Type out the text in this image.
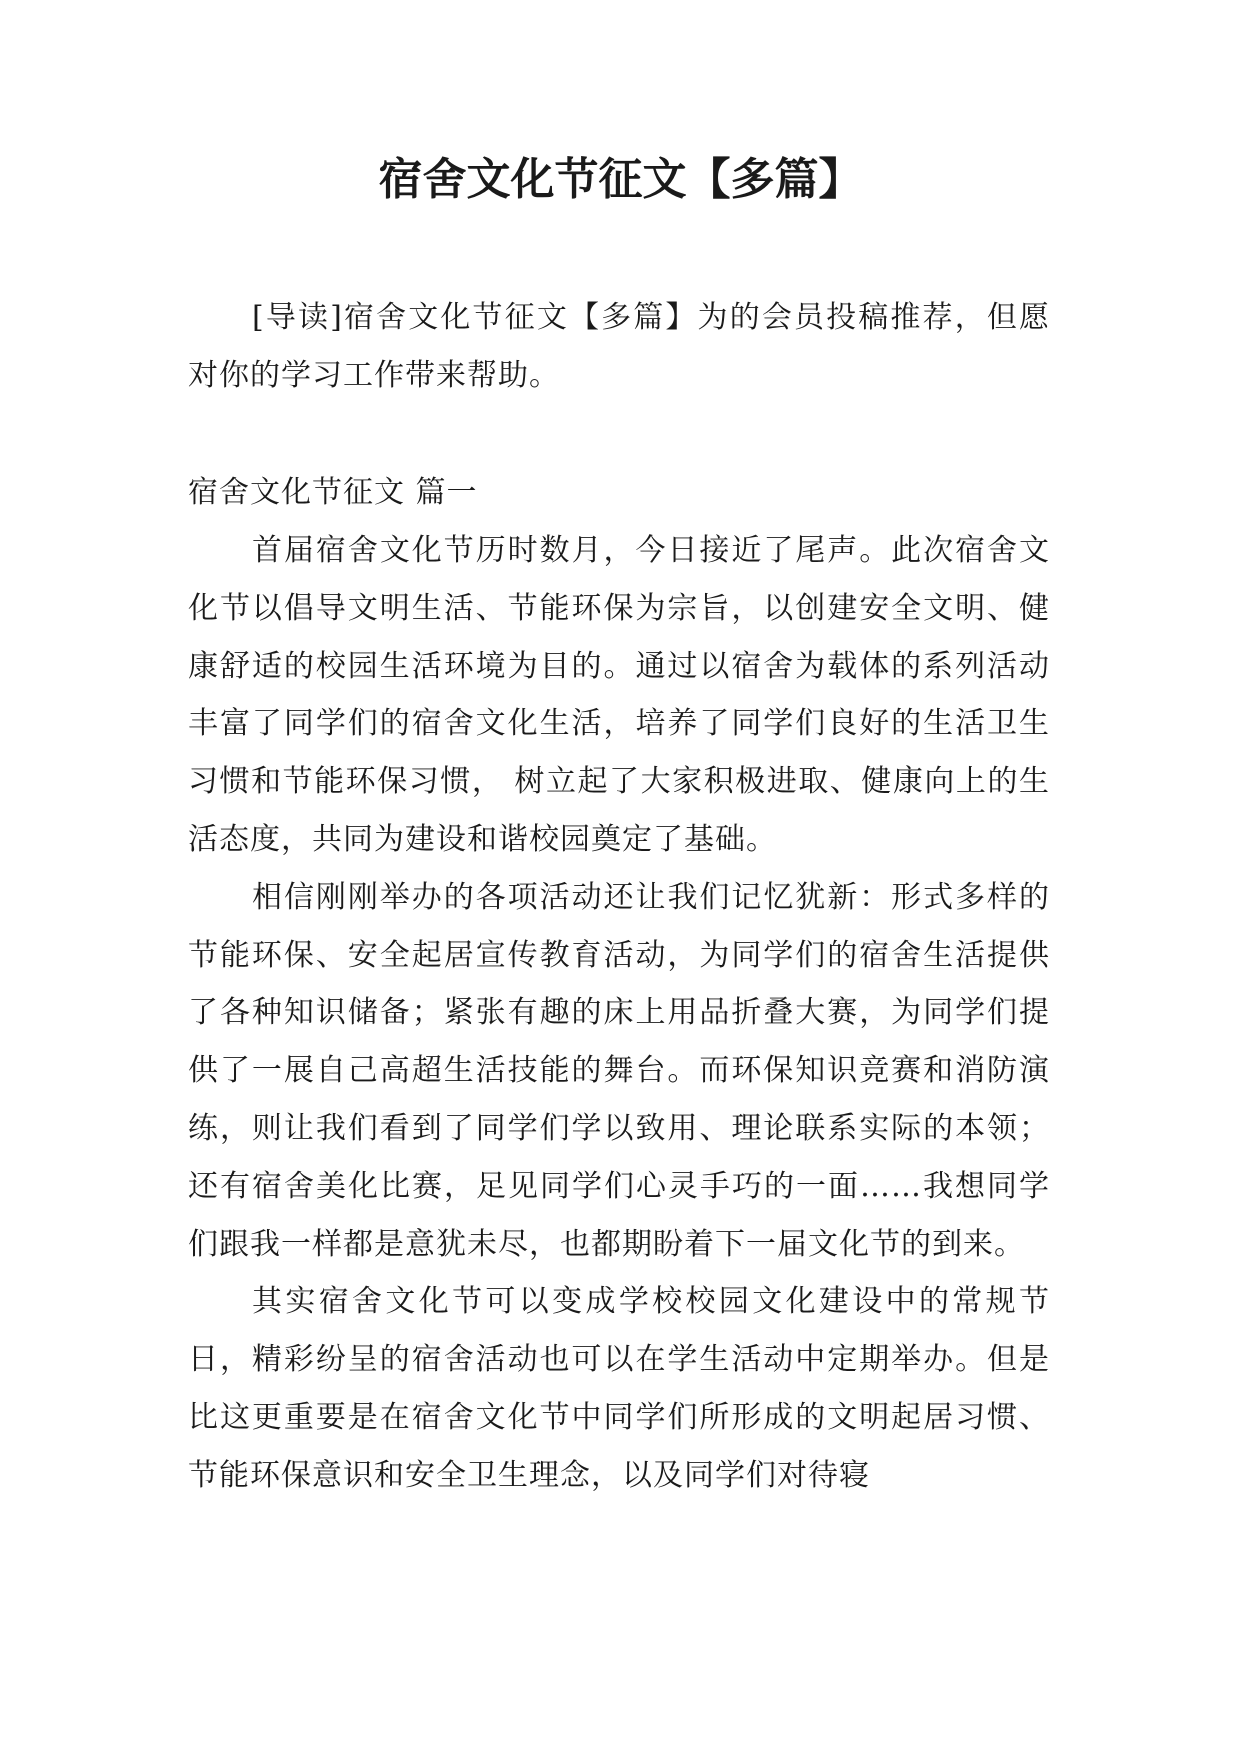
宿舍文化节征文【多篇】

[导读]宿舍文化节征文【多篇】为的会员投稿推荐，但愿对你的学习工作带来帮助。

宿舍文化节征文 篇一

首届宿舍文化节历时数月，今日接近了尾声。此次宿舍文化节以倡导文明生活、节能环保为宗旨，以创建安全文明、健康舒适的校园生活环境为目的。通过以宿舍为载体的系列活动丰富了同学们的宿舍文化生活，培养了同学们良好的生活卫生习惯和节能环保习惯， 树立起了大家积极进取、健康向上的生活态度，共同为建设和谐校园奠定了基础。

相信刚刚举办的各项活动还让我们记忆犹新：形式多样的节能环保、安全起居宣传教育活动，为同学们的宿舍生活提供了各种知识储备；紧张有趣的床上用品折叠大赛，为同学们提供了一展自己高超生活技能的舞台。而环保知识竞赛和消防演练，则让我们看到了同学们学以致用、理论联系实际的本领；还有宿舍美化比赛，足见同学们心灵手巧的一面……我想同学们跟我一样都是意犹未尽，也都期盼着下一届文化节的到来。

其实宿舍文化节可以变成学校校园文化建设中的常规节日，精彩纷呈的宿舍活动也可以在学生活动中定期举办。但是比这更重要是在宿舍文化节中同学们所形成的文明起居习惯、节能环保意识和安全卫生理念，以及同学们对待寝
